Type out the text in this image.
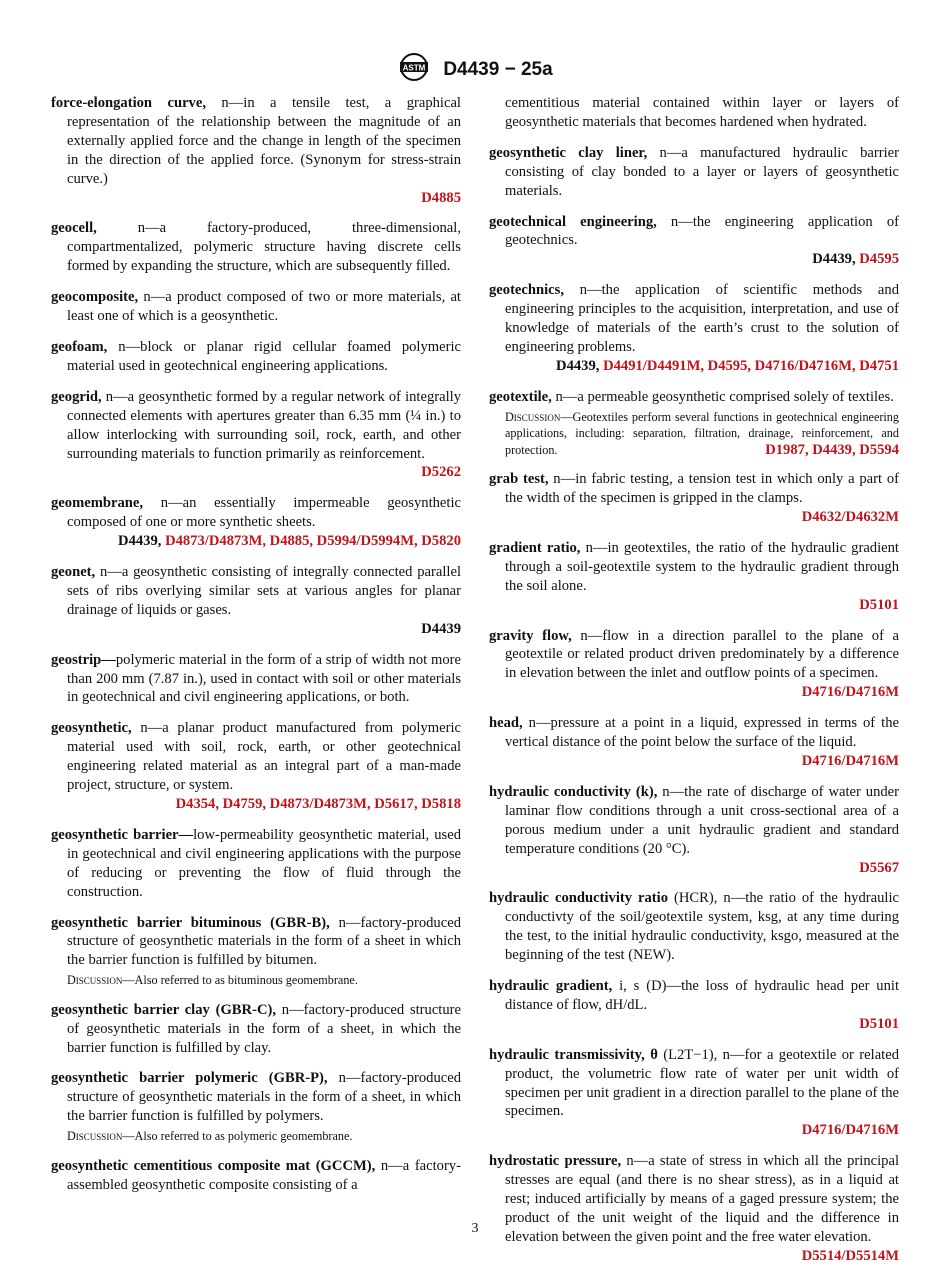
ASTM D4439 − 25a
force-elongation curve, n—in a tensile test, a graphical representation of the relationship between the magnitude of an externally applied force and the change in length of the specimen in the direction of the applied force. (Synonym for stress-strain curve.)
D4885
geocell, n—a factory-produced, three-dimensional, compartmentalized, polymeric structure having discrete cells formed by expanding the structure, which are subsequently filled.
geocomposite, n—a product composed of two or more materials, at least one of which is a geosynthetic.
geofoam, n—block or planar rigid cellular foamed polymeric material used in geotechnical engineering applications.
geogrid, n—a geosynthetic formed by a regular network of integrally connected elements with apertures greater than 6.35 mm (¼ in.) to allow interlocking with surrounding soil, rock, earth, and other surrounding materials to function primarily as reinforcement.
D5262
geomembrane, n—an essentially impermeable geosynthetic composed of one or more synthetic sheets.
D4439, D4873/D4873M, D4885, D5994/D5994M, D5820
geonet, n—a geosynthetic consisting of integrally connected parallel sets of ribs overlying similar sets at various angles for planar drainage of liquids or gases.
D4439
geostrip—polymeric material in the form of a strip of width not more than 200 mm (7.87 in.), used in contact with soil or other materials in geotechnical and civil engineering applications, or both.
geosynthetic, n—a planar product manufactured from polymeric material used with soil, rock, earth, or other geotechnical engineering related material as an integral part of a man-made project, structure, or system.
D4354, D4759, D4873/D4873M, D5617, D5818
geosynthetic barrier—low-permeability geosynthetic material, used in geotechnical and civil engineering applications with the purpose of reducing or preventing the flow of fluid through the construction.
geosynthetic barrier bituminous (GBR-B), n—factory-produced structure of geosynthetic materials in the form of a sheet in which the barrier function is fulfilled by bitumen.
Discussion—Also referred to as bituminous geomembrane.
geosynthetic barrier clay (GBR-C), n—factory-produced structure of geosynthetic materials in the form of a sheet, in which the barrier function is fulfilled by clay.
geosynthetic barrier polymeric (GBR-P), n—factory-produced structure of geosynthetic materials in the form of a sheet, in which the barrier function is fulfilled by polymers.
Discussion—Also referred to as polymeric geomembrane.
geosynthetic cementitious composite mat (GCCM), n—a factory-assembled geosynthetic composite consisting of a
cementitious material contained within layer or layers of geosynthetic materials that becomes hardened when hydrated.
geosynthetic clay liner, n—a manufactured hydraulic barrier consisting of clay bonded to a layer or layers of geosynthetic materials.
geotechnical engineering, n—the engineering application of geotechnics.
D4439, D4595
geotechnics, n—the application of scientific methods and engineering principles to the acquisition, interpretation, and use of knowledge of materials of the earth’s crust to the solution of engineering problems.
D4439, D4491/D4491M, D4595, D4716/D4716M, D4751
geotextile, n—a permeable geosynthetic comprised solely of textiles.
Discussion—Geotextiles perform several functions in geotechnical engineering applications, including: separation, filtration, drainage, reinforcement, and protection.	D1987, D4439, D5594
grab test, n—in fabric testing, a tension test in which only a part of the width of the specimen is gripped in the clamps.
D4632/D4632M
gradient ratio, n—in geotextiles, the ratio of the hydraulic gradient through a soil-geotextile system to the hydraulic gradient through the soil alone.
D5101
gravity flow, n—flow in a direction parallel to the plane of a geotextile or related product driven predominately by a difference in elevation between the inlet and outflow points of a specimen.
D4716/D4716M
head, n—pressure at a point in a liquid, expressed in terms of the vertical distance of the point below the surface of the liquid.
D4716/D4716M
hydraulic conductivity (k), n—the rate of discharge of water under laminar flow conditions through a unit cross-sectional area of a porous medium under a unit hydraulic gradient and standard temperature conditions (20 °C).
D5567
hydraulic conductivity ratio (HCR), n—the ratio of the hydraulic conductivty of the soil/geotextile system, ksg, at any time during the test, to the initial hydraulic conductivity, ksgo, measured at the beginning of the test (NEW).
hydraulic gradient, i, s (D)—the loss of hydraulic head per unit distance of flow, dH/dL.
D5101
hydraulic transmissivity, θ (L2T−1), n—for a geotextile or related product, the volumetric flow rate of water per unit width of specimen per unit gradient in a direction parallel to the plane of the specimen.
D4716/D4716M
hydrostatic pressure, n—a state of stress in which all the principal stresses are equal (and there is no shear stress), as in a liquid at rest; induced artificially by means of a gaged pressure system; the product of the unit weight of the liquid and the difference in elevation between the given point and the free water elevation.
D5514/D5514M
3
